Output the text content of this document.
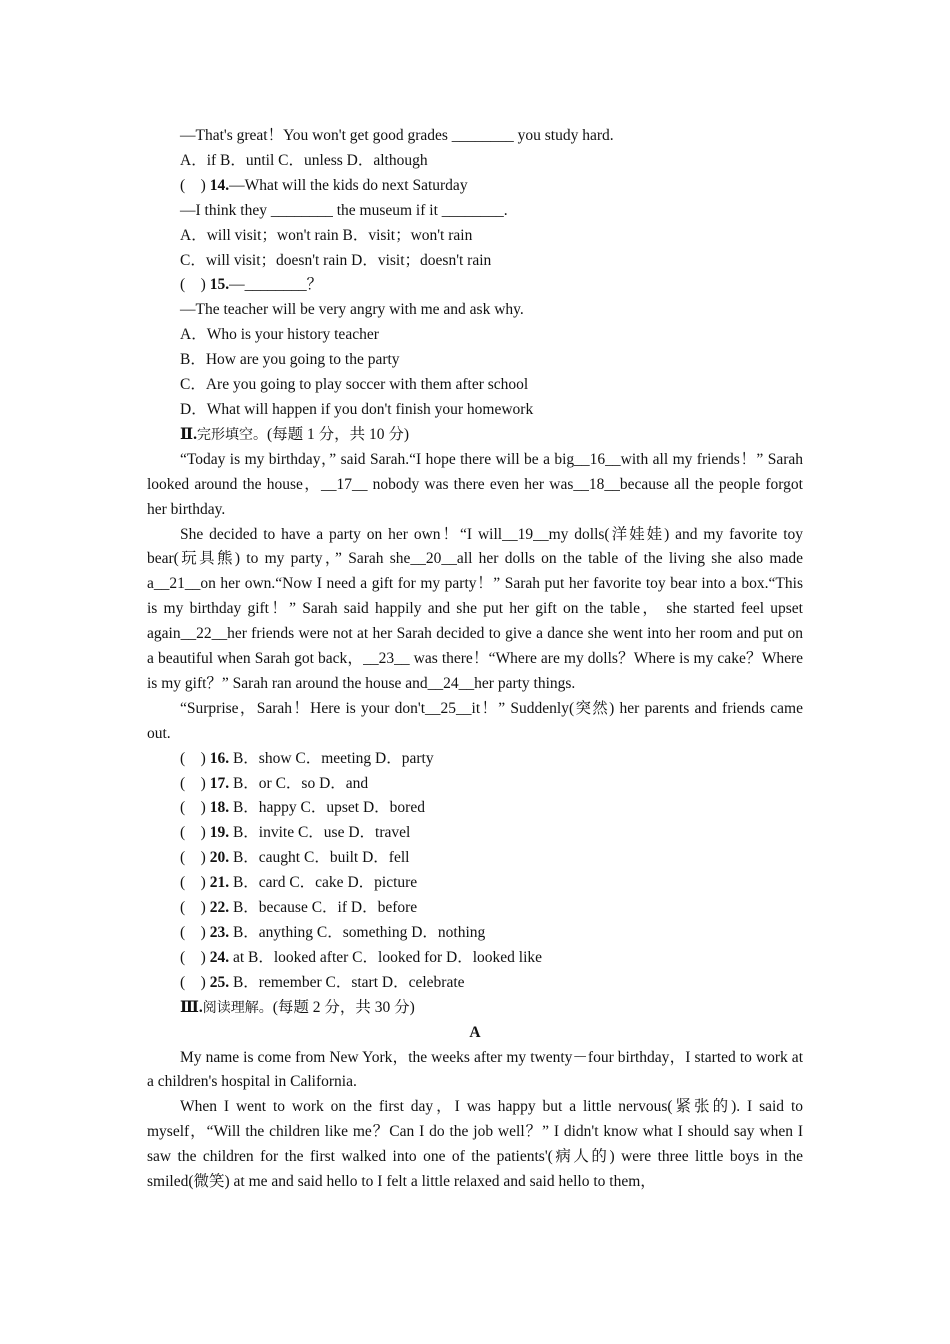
—That's great！You won't get good grades ________ you study hard.
A．if B．until C．unless D．although
(　) 14.—What will the kids do next Saturday
—I think they ________ the museum if it ________.
A．will visit；won't rain B．visit；won't rain
C．will visit；doesn't rain D．visit；doesn't rain
(　) 15.—________？
—The teacher will be very angry with me and ask why.
A．Who is your history teacher
B．How are you going to the party
C．Are you going to play soccer with them after school
D．What will happen if you don't finish your homework
Ⅱ.完形填空。(每题 1 分，共 10 分)
“Today is my birthday，” said Sarah.“I hope there will be a big__16__with all my friends！” Sarah looked around the house，__17__ nobody was there even her was__18__because all the people forgot her birthday.
She decided to have a party on her own！“I will__19__my dolls(洋娃娃) and my favorite toy bear(玩具熊) to my party，” Sarah she__20__all her dolls on the table of the living she also made a__21__on her own.“Now I need a gift for my party！” Sarah put her favorite toy bear into a box.“This is my birthday gift！” Sarah said happily and she put her gift on the table， she started feel upset again__22__her friends were not at her Sarah decided to give a dance she went into her room and put on a beautiful when Sarah got back，__23__ was there！“Where are my dolls？Where is my cake？Where is my gift？” Sarah ran around the house and__24__her party things.
“Surprise，Sarah！Here is your don't__25__it！” Suddenly(突然) her parents and friends came out.
(　) 16. B．show C．meeting D．party
(　) 17. B．or C．so D．and
(　) 18. B．happy C．upset D．bored
(　) 19. B．invite C．use D．travel
(　) 20. B．caught C．built D．fell
(　) 21. B．card C．cake D．picture
(　) 22. B．because C．if D．before
(　) 23. B．anything C．something D．nothing
(　) 24. at B．looked after C．looked for D．looked like
(　) 25. B．remember C．start D．celebrate
Ⅲ.阅读理解。(每题 2 分，共 30 分)
A
My name is come from New York，the weeks after my twenty－four birthday，I started to work at a children's hospital in California.
When I went to work on the first day，I was happy but a little nervous(紧张的). I said to myself，“Will the children like me？Can I do the job well？” I didn't know what I should say when I saw the children for the first walked into one of the patients'(病人的) were three little boys in the smiled(微笑) at me and said hello to I felt a little relaxed and said hello to them，
